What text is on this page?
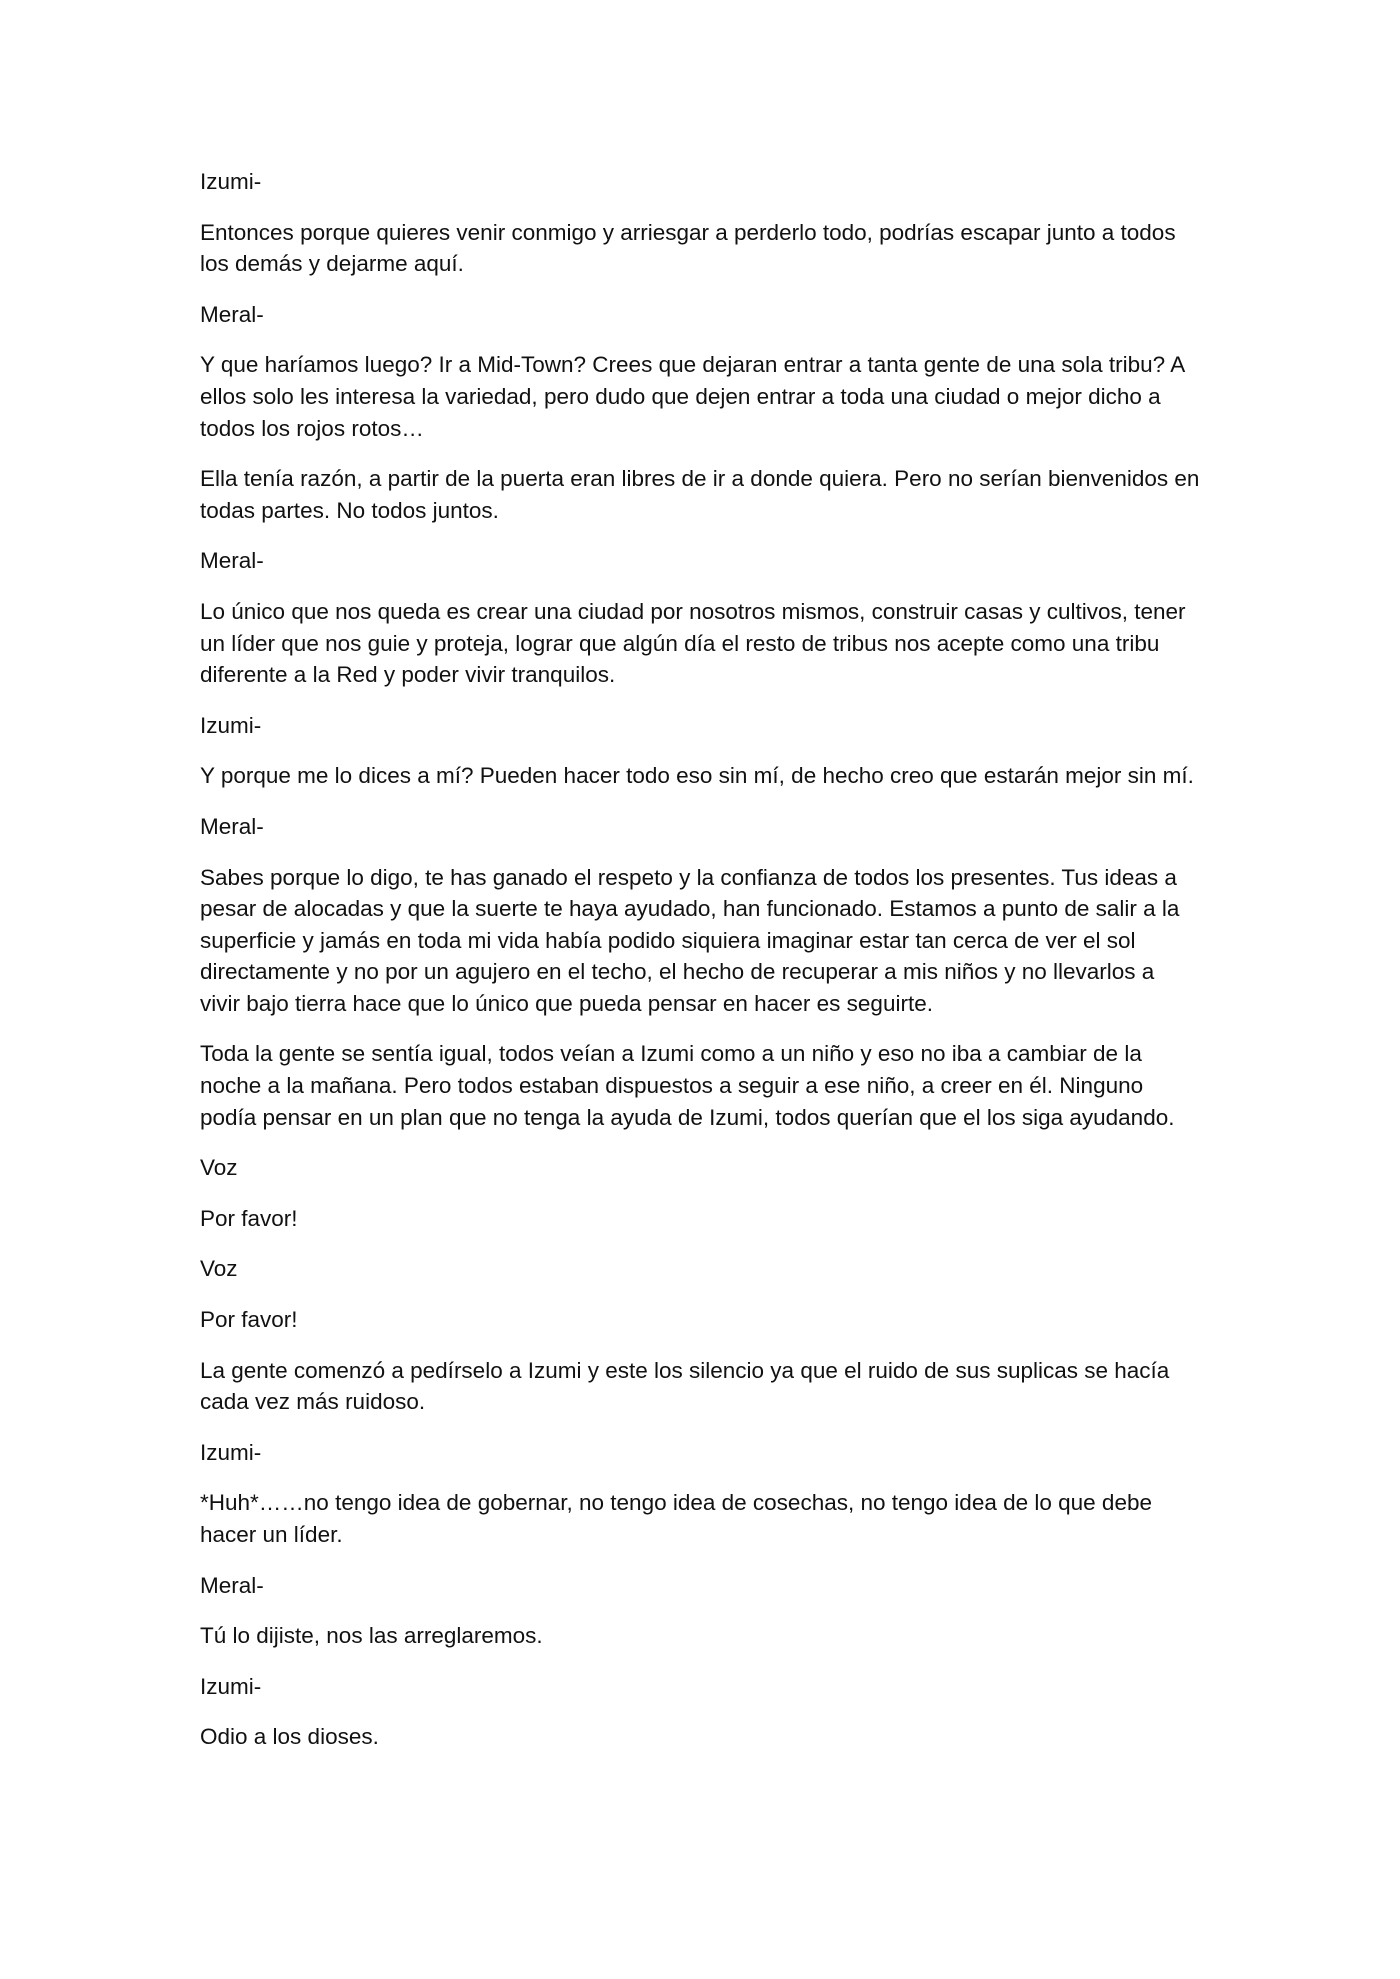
Izumi-

Entonces porque quieres venir conmigo y arriesgar a perderlo todo, podrías escapar junto a todos los demás y dejarme aquí.

Meral-

Y que haríamos luego? Ir a Mid-Town? Crees que dejaran entrar a tanta gente de una sola tribu? A ellos solo les interesa la variedad, pero dudo que dejen entrar a toda una ciudad o mejor dicho a todos los rojos rotos…

Ella tenía razón, a partir de la puerta eran libres de ir a donde quiera. Pero no serían bienvenidos en todas partes. No todos juntos.

Meral-

Lo único que nos queda es crear una ciudad por nosotros mismos, construir casas y cultivos, tener un líder que nos guie y proteja, lograr que algún día el resto de tribus nos acepte como una tribu diferente a la Red y poder vivir tranquilos.

Izumi-

Y porque me lo dices a mí? Pueden hacer todo eso sin mí, de hecho creo que estarán mejor sin mí.

Meral-

Sabes porque lo digo, te has ganado el respeto y la confianza de todos los presentes. Tus ideas a pesar de alocadas y que la suerte te haya ayudado, han funcionado. Estamos a punto de salir a la superficie y jamás en toda mi vida había podido siquiera imaginar estar tan cerca de ver el sol directamente y no por un agujero en el techo, el hecho de recuperar a mis niños y no llevarlos a vivir bajo tierra hace que lo único que pueda pensar en hacer es seguirte.

Toda la gente se sentía igual, todos veían a Izumi como a un niño y eso no iba a cambiar de la noche a la mañana. Pero todos estaban dispuestos a seguir a ese niño, a creer en él. Ninguno podía pensar en un plan que no tenga la ayuda de Izumi, todos querían que el los siga ayudando.

Voz

Por favor!

Voz

Por favor!

La gente comenzó a pedírselo a Izumi y este los silencio ya que el ruido de sus suplicas se hacía cada vez más ruidoso.

Izumi-

*Huh*……no tengo idea de gobernar, no tengo idea de cosechas, no tengo idea de lo que debe hacer un líder.

Meral-

Tú lo dijiste, nos las arreglaremos.

Izumi-

Odio a los dioses.
